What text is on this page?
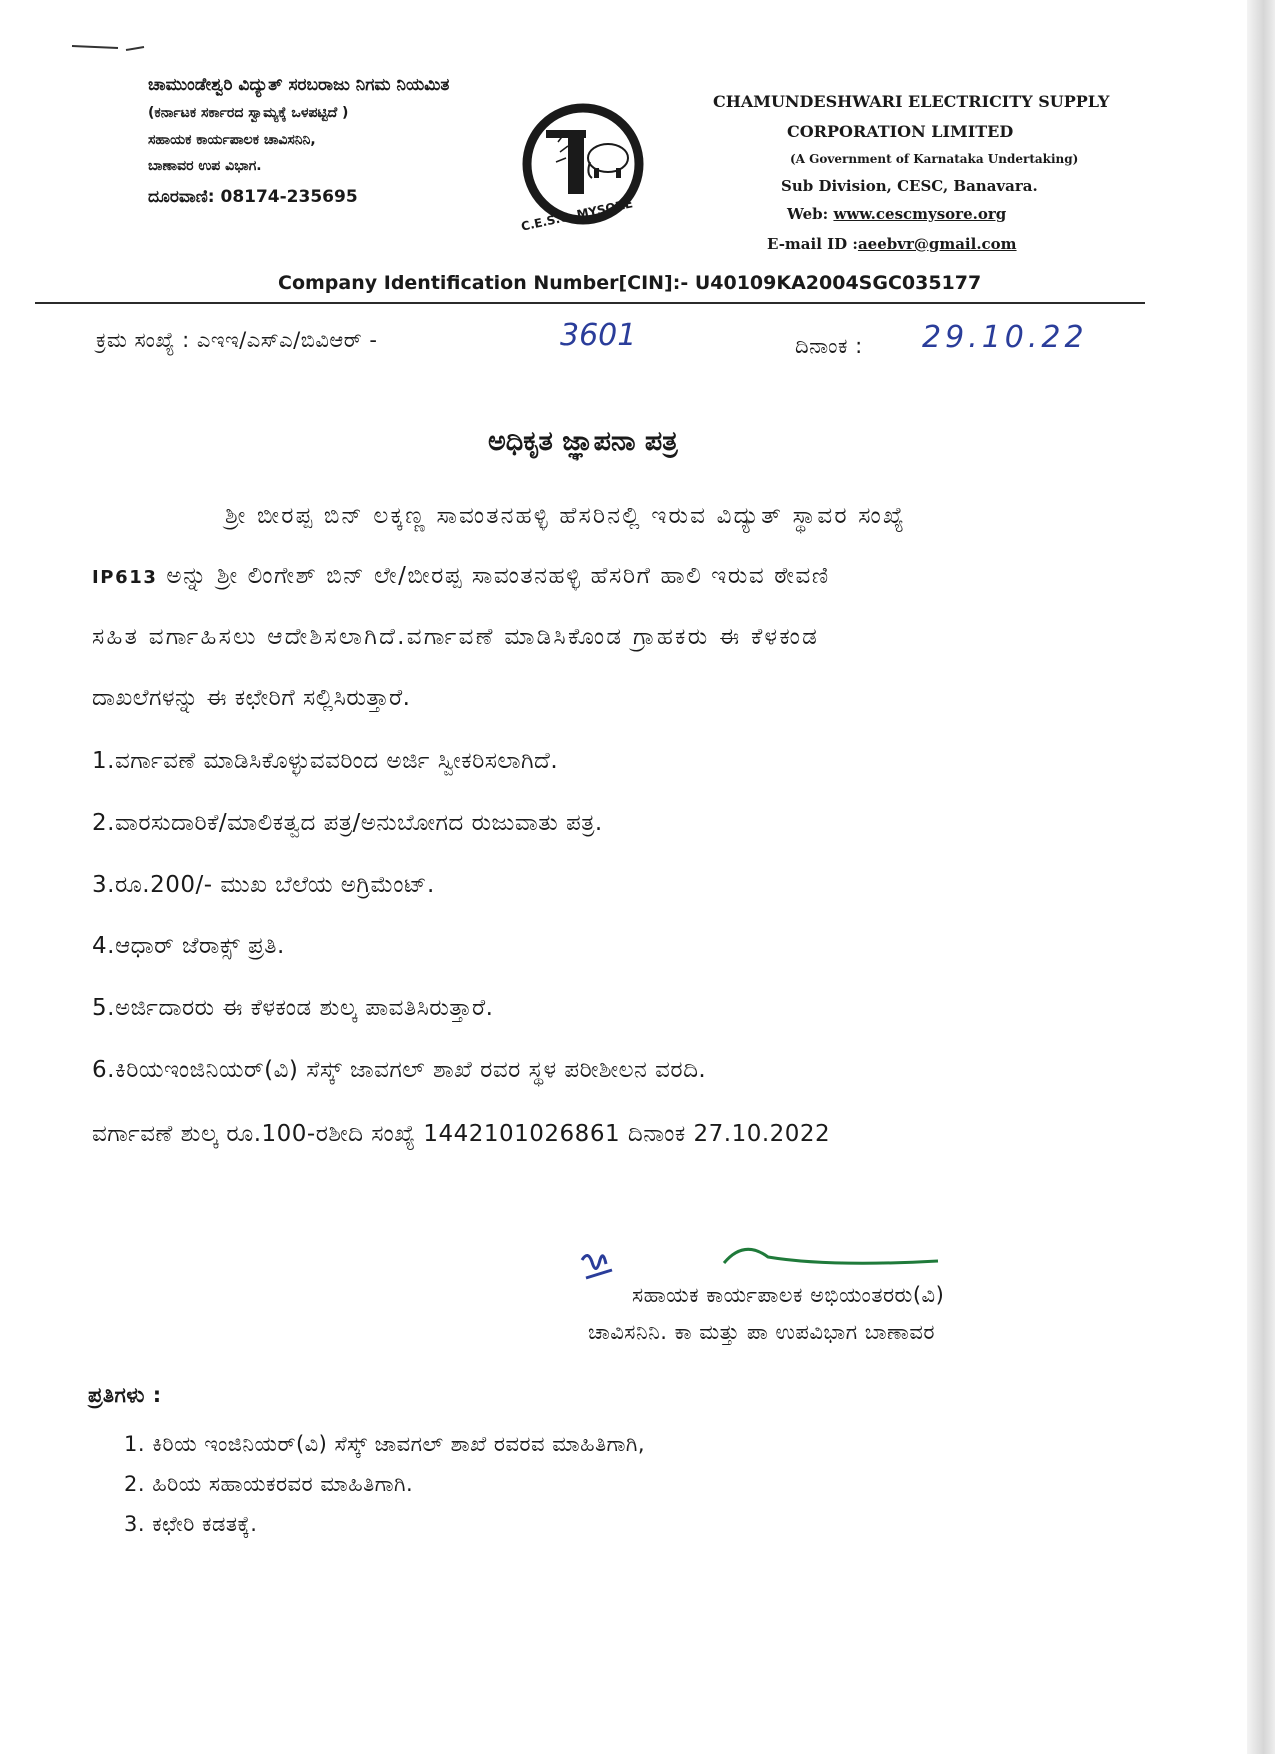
ಚಾಮುಂಡೇಶ್ವರಿ ವಿದ್ಯುತ್ ಸರಬರಾಜು ನಿಗಮ ನಿಯಮಿತ
(ಕರ್ನಾಟಕ ಸರ್ಕಾರದ ಸ್ವಾಮ್ಯಕ್ಕೆ ಒಳಪಟ್ಟಿದೆ )
ಸಹಾಯಕ ಕಾರ್ಯಪಾಲಕ ಚಾವಿಸನಿನಿ,
ಬಾಣಾವರ ಉಪ ವಿಭಾಗ.
ದೂರವಾಣಿ: 08174-235695	C.E.S.C, MYSORE
CHAMUNDESHWARI ELECTRICITY SUPPLY
CORPORATION LIMITED
(A Government of Karnataka Undertaking)
Sub Division, CESC, Banavara.
Web: www.cescmysore.org
E-mail ID :aeebvr@gmail.com
Company Identification Number[CIN]:- U40109KA2004SGC035177
ಕ್ರಮ ಸಂಖ್ಯೆ : ಎಇಇ/ಎಸ್ಎ/ಬಿವಿಆರ್ -	3601	ದಿನಾಂಕ : 29.10.22
ಅಧಿಕೃತ ಜ್ಞಾಪನಾ ಪತ್ರ
ಶ್ರೀ ಬೀರಪ್ಪ ಬಿನ್ ಲಕ್ಕಣ್ಣ ಸಾವಂತನಹಳ್ಳಿ ಹೆಸರಿನಲ್ಲಿ ಇರುವ ವಿದ್ಯುತ್ ಸ್ಥಾವರ ಸಂಖ್ಯೆ
IP613 ಅನ್ನು ಶ್ರೀ ಲಿಂಗೇಶ್ ಬಿನ್ ಲೇ/ಬೀರಪ್ಪ ಸಾವಂತನಹಳ್ಳಿ ಹೆಸರಿಗೆ ಹಾಲಿ ಇರುವ ಠೇವಣಿ
ಸಹಿತ ವರ್ಗಾಹಿಸಲು ಆದೇಶಿಸಲಾಗಿದೆ.ವರ್ಗಾವಣೆ ಮಾಡಿಸಿಕೊಂಡ ಗ್ರಾಹಕರು ಈ ಕೆಳಕಂಡ
ದಾಖಲೆಗಳನ್ನು ಈ ಕಛೇರಿಗೆ ಸಲ್ಲಿಸಿರುತ್ತಾರೆ.
1.ವರ್ಗಾವಣೆ ಮಾಡಿಸಿಕೊಳ್ಳುವವರಿಂದ ಅರ್ಜಿ ಸ್ವೀಕರಿಸಲಾಗಿದೆ.
2.ವಾರಸುದಾರಿಕೆ/ಮಾಲಿಕತ್ವದ ಪತ್ರ/ಅನುಬೋಗದ ರುಜುವಾತು ಪತ್ರ.
3.ರೂ.200/- ಮುಖ ಬೆಲೆಯ ಅಗ್ರಿಮೆಂಟ್.
4.ಆಧಾರ್ ಜೆರಾಕ್ಸ್ ಪ್ರತಿ.
5.ಅರ್ಜಿದಾರರು ಈ ಕೆಳಕಂಡ ಶುಲ್ಕ ಪಾವತಿಸಿರುತ್ತಾರೆ.
6.ಕಿರಿಯಇಂಜಿನಿಯರ್(ವಿ) ಸೆಸ್ಕ್ ಜಾವಗಲ್ ಶಾಖೆ ರವರ ಸ್ಥಳ ಪರೀಶೀಲನ ವರದಿ.
ವರ್ಗಾವಣೆ ಶುಲ್ಕ ರೂ.100-ರಶೀದಿ ಸಂಖ್ಯೆ 1442101026861 ದಿನಾಂಕ 27.10.2022
ಸಹಾಯಕ ಕಾರ್ಯಪಾಲಕ ಅಭಿಯಂತರರು(ವಿ)
ಚಾವಿಸನಿನಿ. ಕಾ ಮತ್ತು ಪಾ ಉಪವಿಭಾಗ ಬಾಣಾವರ
ಪ್ರತಿಗಳು :
1. ಕಿರಿಯ ಇಂಜಿನಿಯರ್(ವಿ) ಸೆಸ್ಕ್ ಜಾವಗಲ್ ಶಾಖೆ ರವರವ ಮಾಹಿತಿಗಾಗಿ,
2. ಹಿರಿಯ ಸಹಾಯಕರವರ ಮಾಹಿತಿಗಾಗಿ.
3. ಕಛೇರಿ ಕಡತಕ್ಕೆ.
